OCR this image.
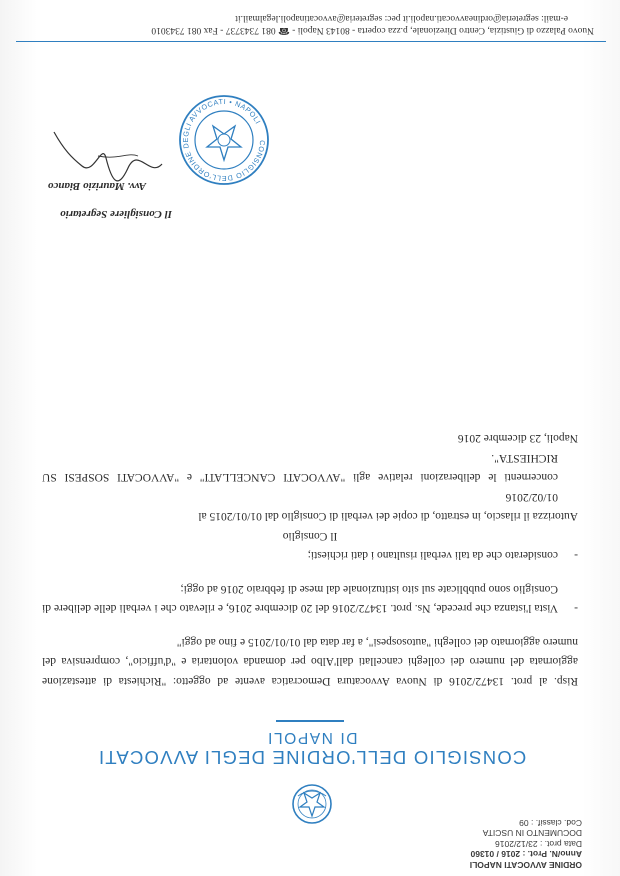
ORDINE AVVOCATI NAPOLI
Anno/N. Prot. : 2016 / 01360
Data prot. : 23/12/2016
DOCUMENTO IN USCITA
Cod. classif. : 09
CONSIGLIO DELL'ORDINE DEGLI AVVOCATI
DI NAPOLI

Risp. al prot. 13472/2016 di Nuova Avvocatura Democratica avente ad oggetto: "Richiesta di attestazione aggiornata del numero dei colleghi cancellati dall'Albo per domanda volontaria e "d'ufficio", comprensiva del numero aggiornato dei colleghi "autosospesi", a far data dal 01/01/2015 e fino ad oggi"

-
Vista l'istanza che precede, Ns. prot. 13472/2016 del 20 dicembre 2016, e rilevato che i verbali delle delibere di Consiglio sono pubblicate sul sito istituzionale dal mese di febbraio 2016 ad oggi;
-
considerato che da tali verbali risultano i dati richiesti;

Il Consiglio

Autorizza il rilascio, in estratto, di copie dei verbali di Consiglio dal 01/01/2015 al

01/02/2016

concernenti le deliberazioni relative agli "AVVOCATI CANCELLATI" e "AVVOCATI SOSPESI SU RICHIESTA".

Napoli, 23 dicembre 2016

CONSIGLIO DELL'ORDINE DEGLI AVVOCATI • NAPOLI
Il Consigliere Segretario
Avv. Maurizio Bianco
Nuovo Palazzo di Giustizia, Centro Direzionale, p.zza coperta - 80143 Napoli - ☎ 081 7343737 - Fax 081 7343010
e-mail: segreteria@ordineavvocati.napoli.it pec: segreteria@avvocatinapoli.legalmail.it
